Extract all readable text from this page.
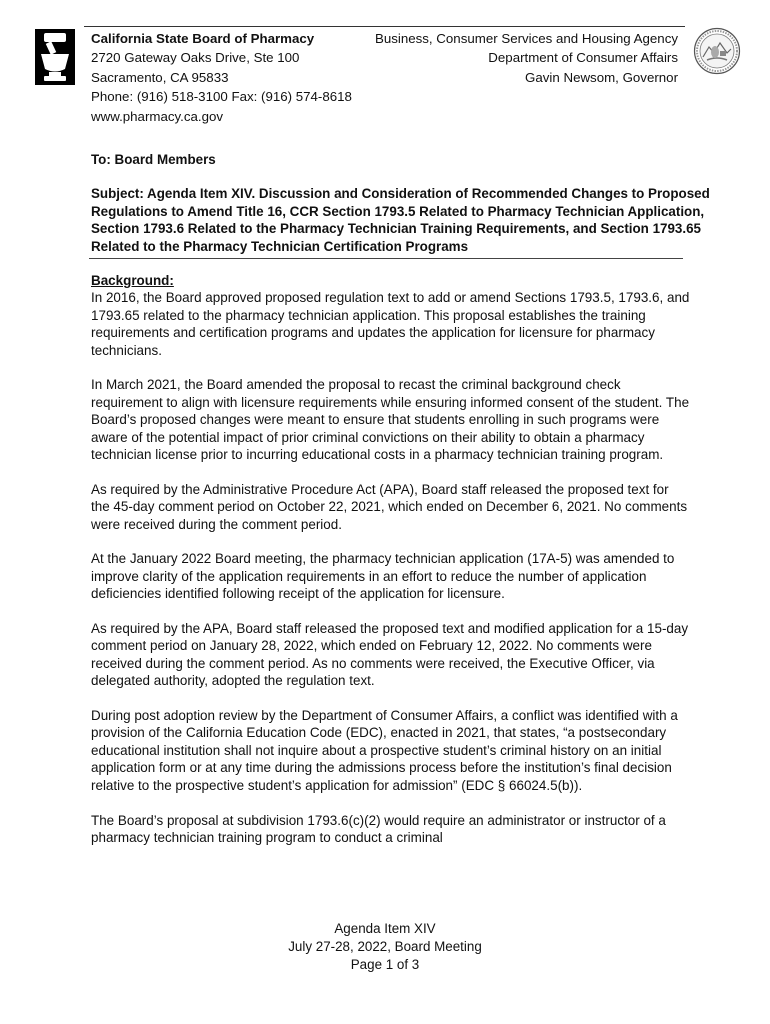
California State Board of Pharmacy
2720 Gateway Oaks Drive, Ste 100
Sacramento, CA 95833
Phone: (916) 518-3100 Fax: (916) 574-8618
www.pharmacy.ca.gov
Business, Consumer Services and Housing Agency
Department of Consumer Affairs
Gavin Newsom, Governor
To: Board Members
Subject: Agenda Item XIV. Discussion and Consideration of Recommended Changes to Proposed Regulations to Amend Title 16, CCR Section 1793.5 Related to Pharmacy Technician Application, Section 1793.6 Related to the Pharmacy Technician Training Requirements, and Section 1793.65 Related to the Pharmacy Technician Certification Programs
Background:

In 2016, the Board approved proposed regulation text to add or amend Sections 1793.5, 1793.6, and 1793.65 related to the pharmacy technician application. This proposal establishes the training requirements and certification programs and updates the application for licensure for pharmacy technicians.

In March 2021, the Board amended the proposal to recast the criminal background check requirement to align with licensure requirements while ensuring informed consent of the student. The Board’s proposed changes were meant to ensure that students enrolling in such programs were aware of the potential impact of prior criminal convictions on their ability to obtain a pharmacy technician license prior to incurring educational costs in a pharmacy technician training program.

As required by the Administrative Procedure Act (APA), Board staff released the proposed text for the 45-day comment period on October 22, 2021, which ended on December 6, 2021. No comments were received during the comment period.

At the January 2022 Board meeting, the pharmacy technician application (17A-5) was amended to improve clarity of the application requirements in an effort to reduce the number of application deficiencies identified following receipt of the application for licensure.

As required by the APA, Board staff released the proposed text and modified application for a 15-day comment period on January 28, 2022, which ended on February 12, 2022. No comments were received during the comment period. As no comments were received, the Executive Officer, via delegated authority, adopted the regulation text.

During post adoption review by the Department of Consumer Affairs, a conflict was identified with a provision of the California Education Code (EDC), enacted in 2021, that states, “a postsecondary educational institution shall not inquire about a prospective student’s criminal history on an initial application form or at any time during the admissions process before the institution’s final decision relative to the prospective student’s application for admission” (EDC § 66024.5(b)).

The Board’s proposal at subdivision 1793.6(c)(2) would require an administrator or instructor of a pharmacy technician training program to conduct a criminal

Agenda Item XIV
July 27-28, 2022, Board Meeting
Page 1 of 3
